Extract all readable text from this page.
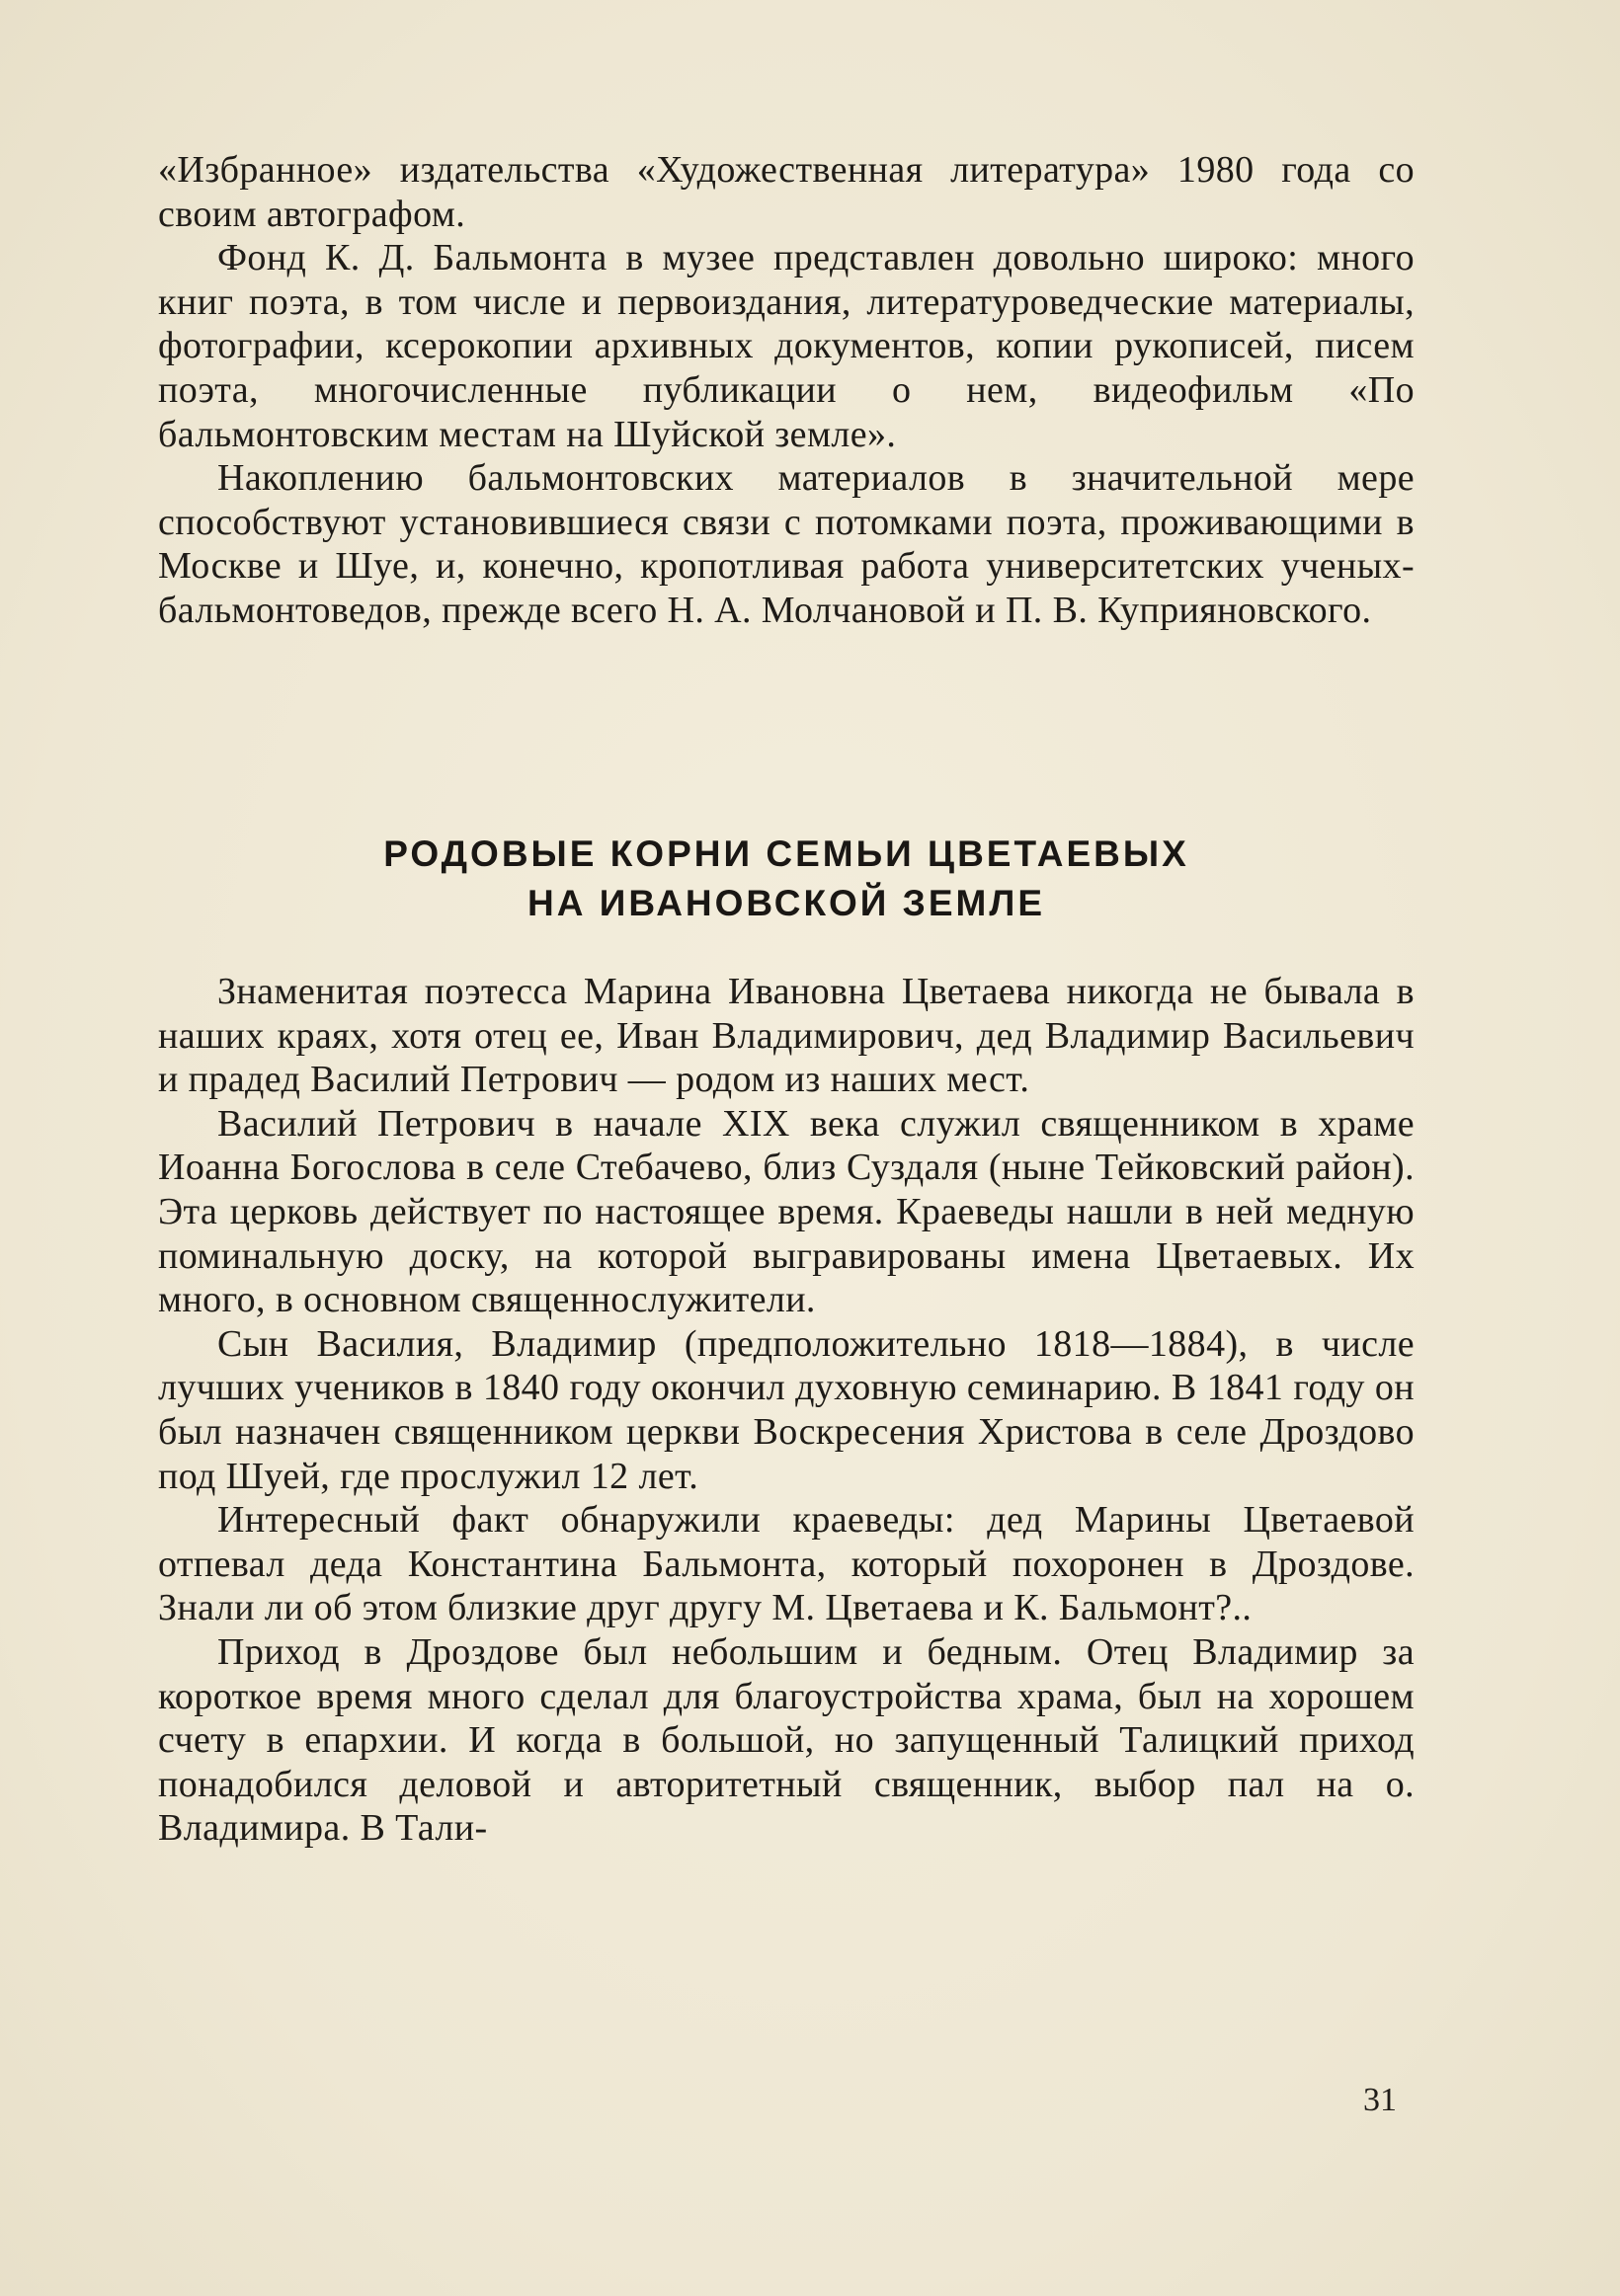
«Избранное» издательства «Художественная литература» 1980 года со своим автографом.

Фонд К. Д. Бальмонта в музее представлен довольно широко: много книг поэта, в том числе и первоиздания, литературоведческие материалы, фотографии, ксерокопии архивных документов, копии рукописей, писем поэта, многочисленные публикации о нем, видеофильм «По бальмонтовским местам на Шуйской земле».

Накоплению бальмонтовских материалов в значительной мере способствуют установившиеся связи с потомками поэта, проживающими в Москве и Шуе, и, конечно, кропотливая работа университетских ученых-бальмонтоведов, прежде всего Н. А. Молчановой и П. В. Куприяновского.

РОДОВЫЕ КОРНИ СЕМЬИ ЦВЕТАЕВЫХ
НА ИВАНОВСКОЙ ЗЕМЛЕ

Знаменитая поэтесса Марина Ивановна Цветаева никогда не бывала в наших краях, хотя отец ее, Иван Владимирович, дед Владимир Васильевич и прадед Василий Петрович — родом из наших мест.

Василий Петрович в начале XIX века служил священником в храме Иоанна Богослова в селе Стебачево, близ Суздаля (ныне Тейковский район). Эта церковь действует по настоящее время. Краеведы нашли в ней медную поминальную доску, на которой выгравированы имена Цветаевых. Их много, в основном священнослужители.

Сын Василия, Владимир (предположительно 1818—1884), в числе лучших учеников в 1840 году окончил духовную семинарию. В 1841 году он был назначен священником церкви Воскресения Христова в селе Дроздово под Шуей, где прослужил 12 лет.

Интересный факт обнаружили краеведы: дед Марины Цветаевой отпевал деда Константина Бальмонта, который похоронен в Дроздове. Знали ли об этом близкие друг другу М. Цветаева и К. Бальмонт?..

Приход в Дроздове был небольшим и бедным. Отец Владимир за короткое время много сделал для благоустройства храма, был на хорошем счету в епархии. И когда в большой, но запущенный Талицкий приход понадобился деловой и авторитетный священник, выбор пал на о. Владимира. В Тали-

31
